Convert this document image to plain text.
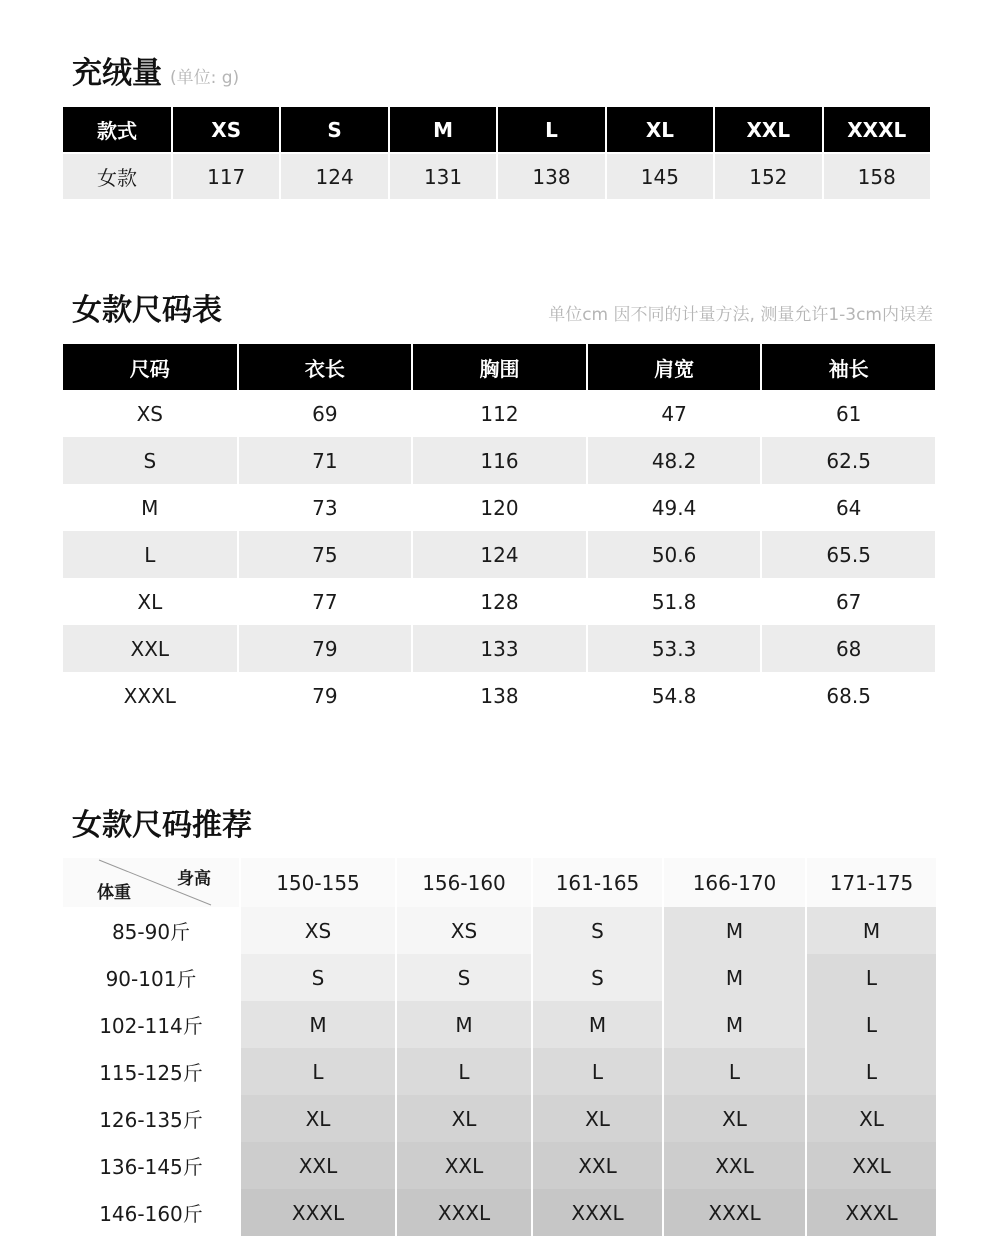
充绒量 (单位: g)
款式	XS	S	M	L	XL	XXL	XXXL
女款	117	124	131	138	145	152	158
女款尺码表	单位cm 因不同的计量方法, 测量允许1-3cm内误差
尺码	衣长	胸围	肩宽	袖长
XS	69	112	47	61
S	71	116	48.2	62.5
M	73	120	49.4	64
L	75	124	50.6	65.5
XL	77	128	51.8	67
XXL	79	133	53.3	68
XXXL	79	138	54.8	68.5
女款尺码推荐
身高
体重	150-155	156-160	161-165	166-170	171-175
85-90斤	XS	XS	S	M	M
90-101斤	S	S	S	M	L
102-114斤	M	M	M	M	L
115-125斤	L	L	L	L	L
126-135斤	XL	XL	XL	XL	XL
136-145斤	XXL	XXL	XXL	XXL	XXL
146-160斤	XXXL	XXXL	XXXL	XXXL	XXXL
